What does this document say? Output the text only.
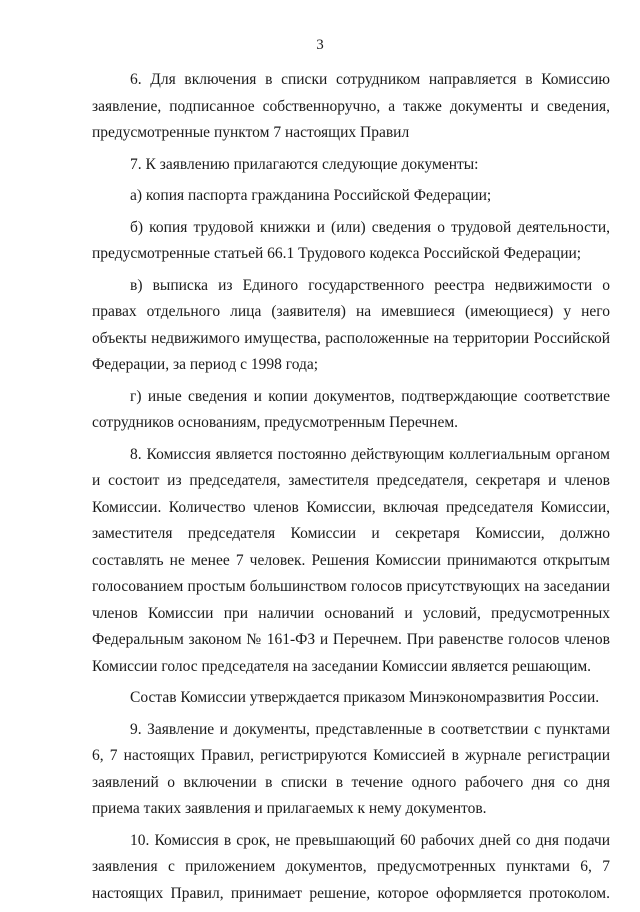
3

6. Для включения в списки сотрудником направляется в Комиссию заявление, подписанное собственноручно, а также документы и сведения, предусмотренные пунктом 7 настоящих Правил

7. К заявлению прилагаются следующие документы:

а) копия паспорта гражданина Российской Федерации;

б) копия трудовой книжки и (или) сведения о трудовой деятельности, предусмотренные статьей 66.1 Трудового кодекса Российской Федерации;

в) выписка из Единого государственного реестра недвижимости о правах отдельного лица (заявителя) на имевшиеся (имеющиеся) у него объекты недвижимого имущества, расположенные на территории Российской Федерации, за период с 1998 года;

г) иные сведения и копии документов, подтверждающие соответствие сотрудников основаниям, предусмотренным Перечнем.

8. Комиссия является постоянно действующим коллегиальным органом и состоит из председателя, заместителя председателя, секретаря и членов Комиссии. Количество членов Комиссии, включая председателя Комиссии, заместителя председателя Комиссии и секретаря Комиссии, должно составлять не менее 7 человек. Решения Комиссии принимаются открытым голосованием простым большинством голосов присутствующих на заседании членов Комиссии при наличии оснований и условий, предусмотренных Федеральным законом № 161-ФЗ и Перечнем. При равенстве голосов членов Комиссии голос председателя на заседании Комиссии является решающим.

Состав Комиссии утверждается приказом Минэкономразвития России.

9. Заявление и документы, представленные в соответствии с пунктами 6, 7 настоящих Правил, регистрируются Комиссией в журнале регистрации заявлений о включении в списки в течение одного рабочего дня со дня приема таких заявления и прилагаемых к нему документов.

10. Комиссия в срок, не превышающий 60 рабочих дней со дня подачи заявления с приложением документов, предусмотренных пунктами 6, 7 настоящих Правил, принимает решение, которое оформляется протоколом.
